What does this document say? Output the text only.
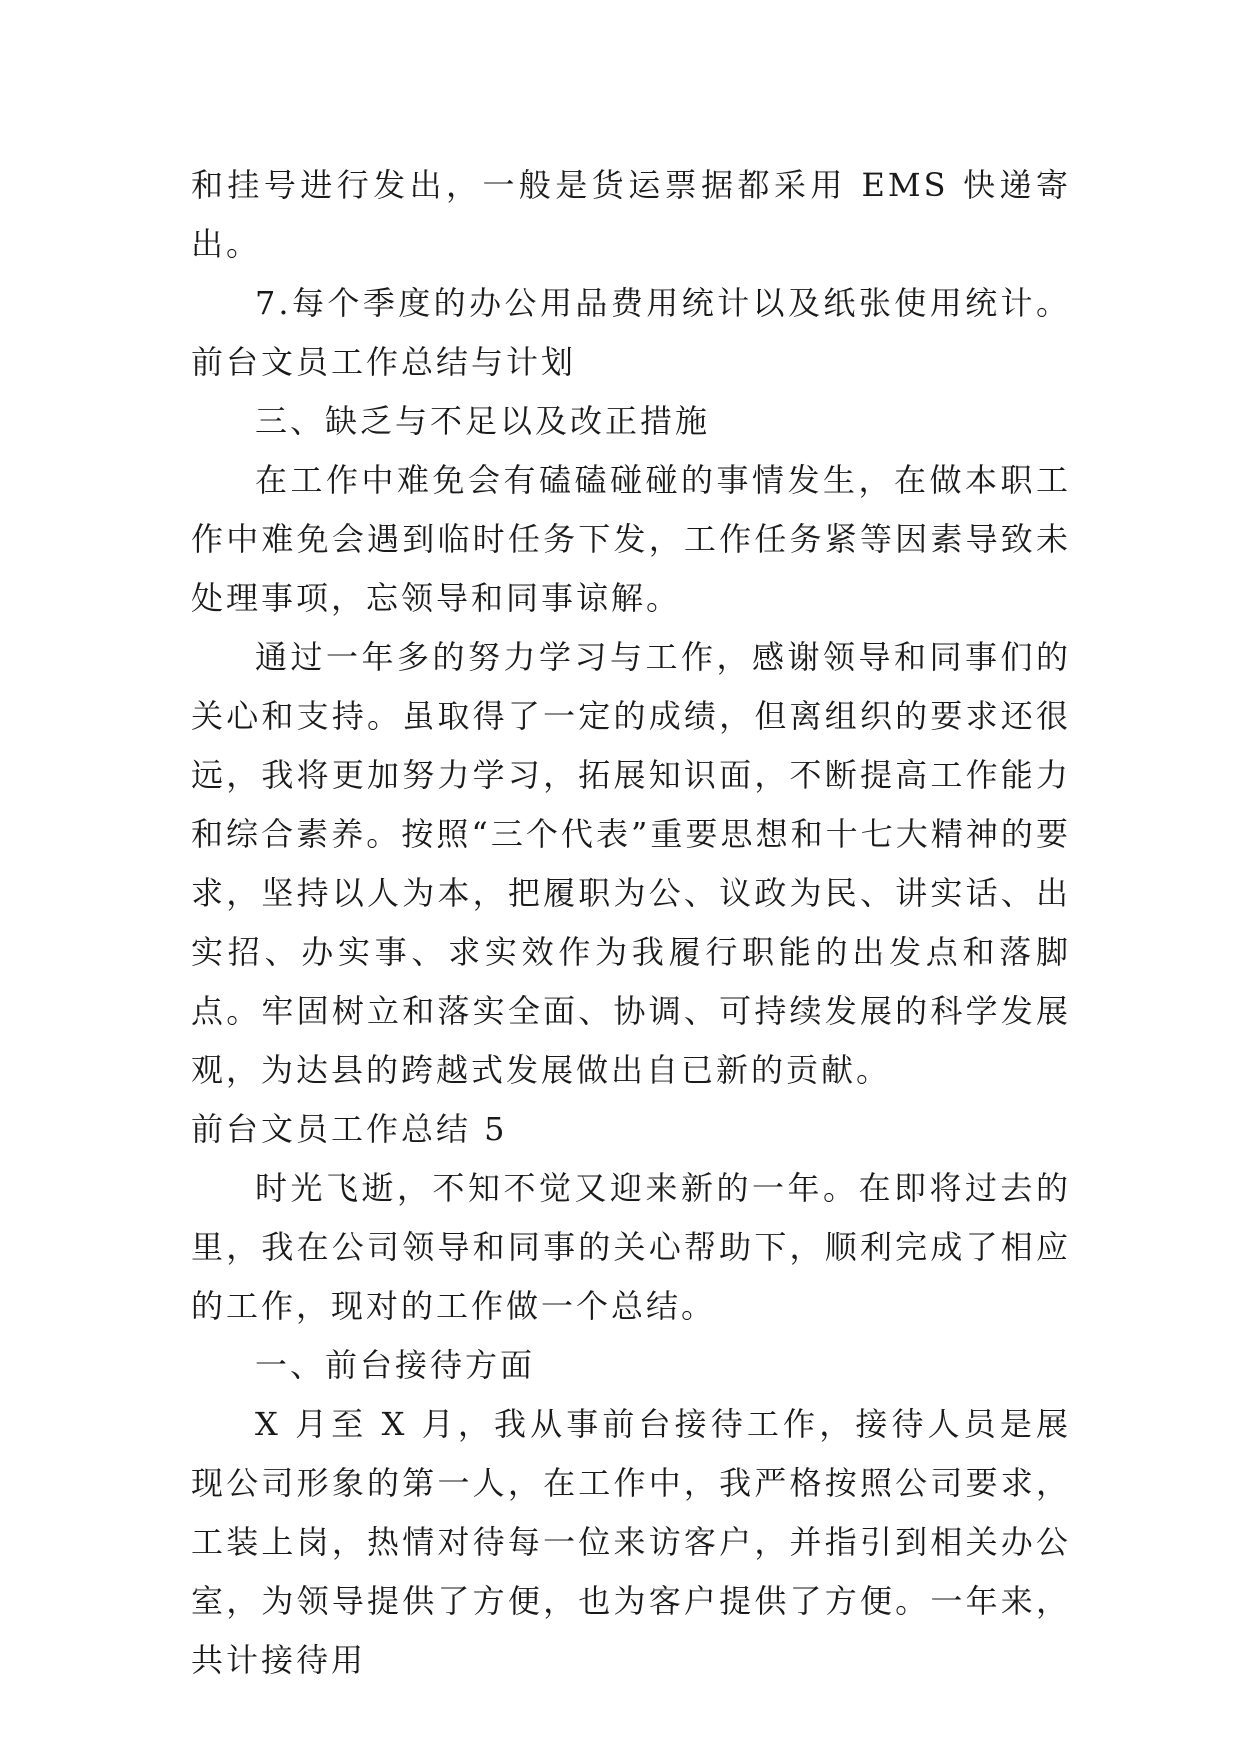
和挂号进行发出，一般是货运票据都采用 EMS 快递寄出。

7.每个季度的办公用品费用统计以及纸张使用统计。前台文员工作总结与计划

三、缺乏与不足以及改正措施

在工作中难免会有磕磕碰碰的事情发生，在做本职工作中难免会遇到临时任务下发，工作任务紧等因素导致未处理事项，忘领导和同事谅解。

通过一年多的努力学习与工作，感谢领导和同事们的关心和支持。虽取得了一定的成绩，但离组织的要求还很远，我将更加努力学习，拓展知识面，不断提高工作能力和综合素养。按照“三个代表”重要思想和十七大精神的要求，坚持以人为本，把履职为公、议政为民、讲实话、出实招、办实事、求实效作为我履行职能的出发点和落脚点。牢固树立和落实全面、协调、可持续发展的科学发展观，为达县的跨越式发展做出自已新的贡献。

前台文员工作总结 5

时光飞逝，不知不觉又迎来新的一年。在即将过去的里，我在公司领导和同事的关心帮助下，顺利完成了相应的工作，现对的工作做一个总结。

一、前台接待方面

X 月至 X 月，我从事前台接待工作，接待人员是展现公司形象的第一人，在工作中，我严格按照公司要求，工装上岗，热情对待每一位来访客户，并指引到相关办公室，为领导提供了方便，也为客户提供了方便。一年来，共计接待用
